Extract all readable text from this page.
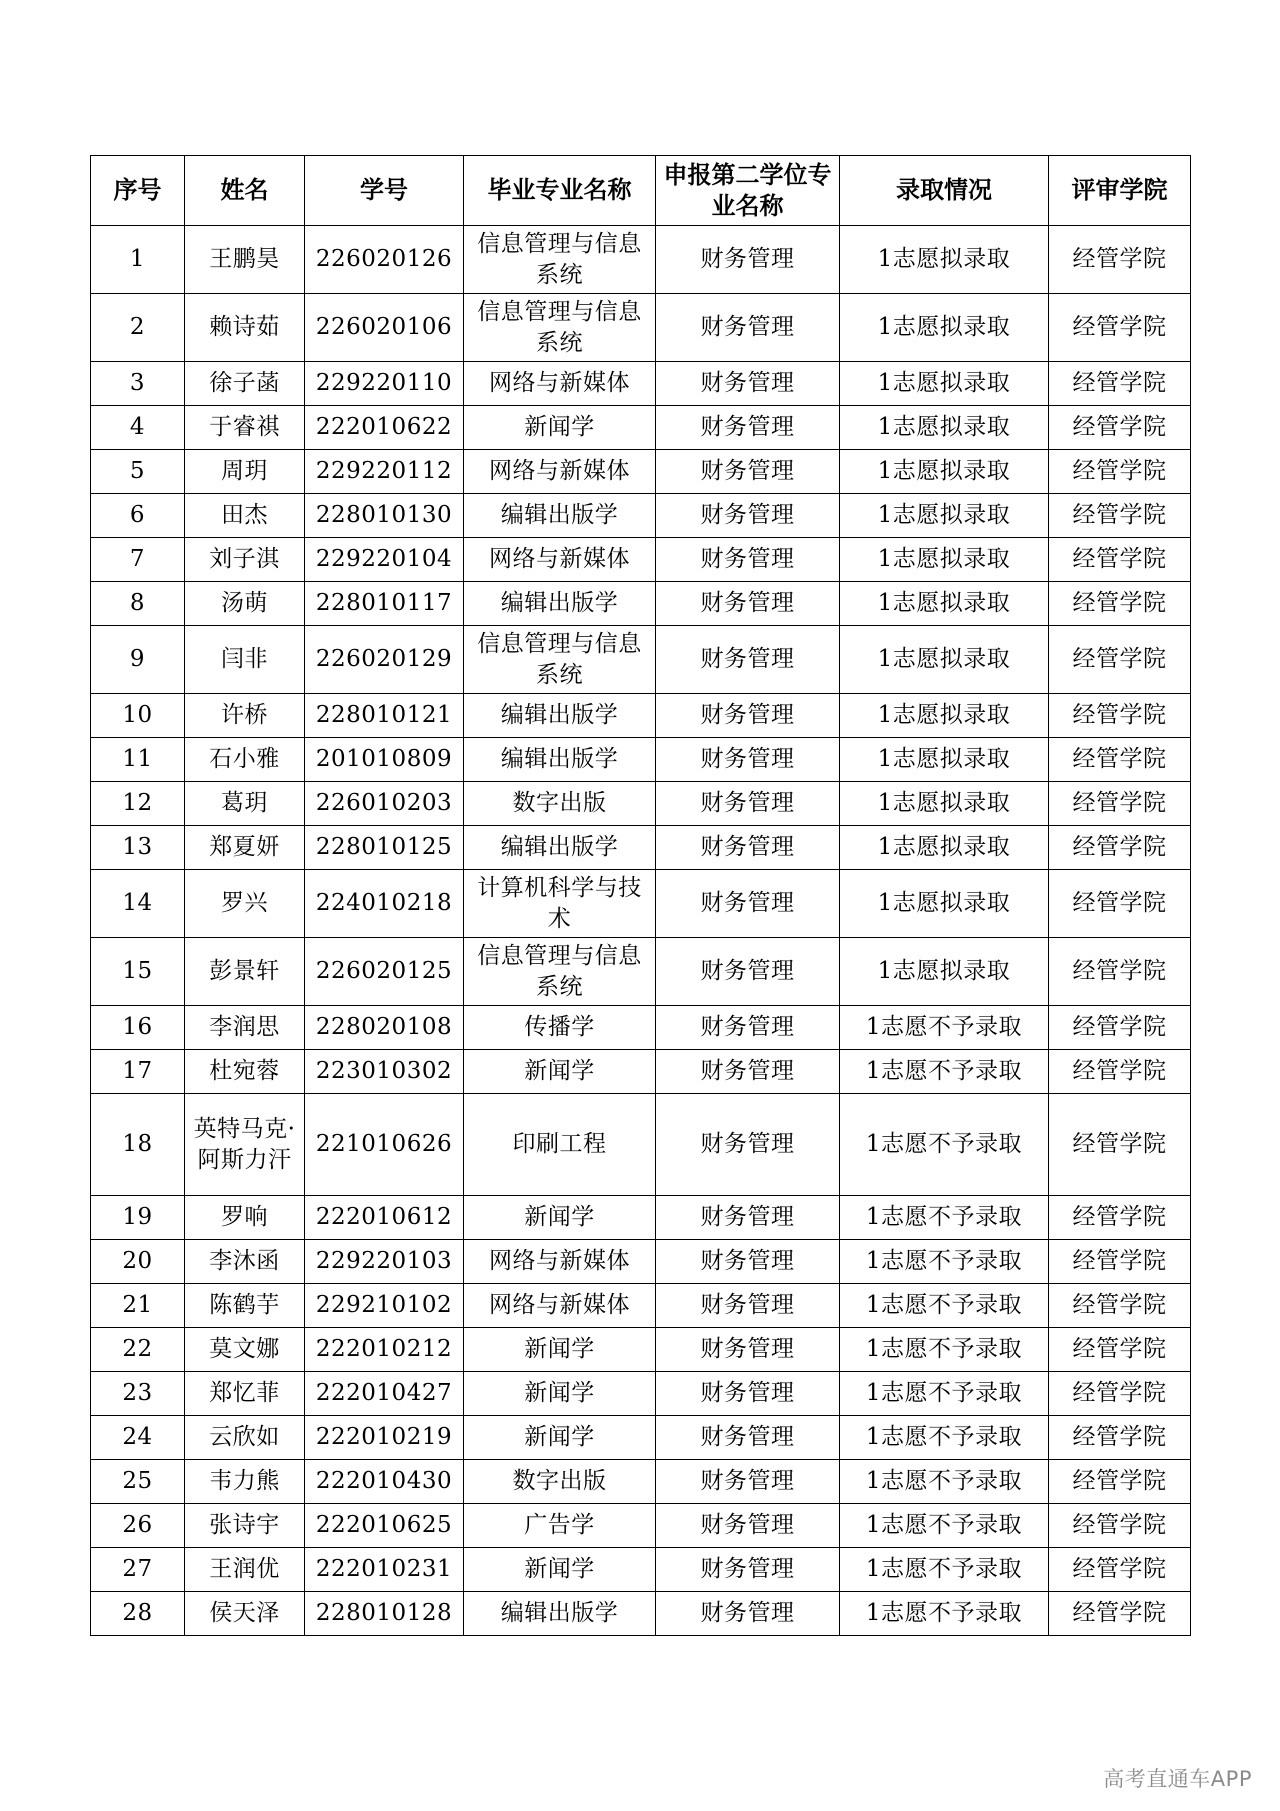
序号	姓名	学号	毕业专业名称	申报第二学位专业名称	录取情况	评审学院
1	王鹏昊	226020126	信息管理与信息系统	财务管理	1志愿拟录取	经管学院
2	赖诗茹	226020106	信息管理与信息系统	财务管理	1志愿拟录取	经管学院
3	徐子菡	229220110	网络与新媒体	财务管理	1志愿拟录取	经管学院
4	于睿祺	222010622	新闻学	财务管理	1志愿拟录取	经管学院
5	周玥	229220112	网络与新媒体	财务管理	1志愿拟录取	经管学院
6	田杰	228010130	编辑出版学	财务管理	1志愿拟录取	经管学院
7	刘子淇	229220104	网络与新媒体	财务管理	1志愿拟录取	经管学院
8	汤萌	228010117	编辑出版学	财务管理	1志愿拟录取	经管学院
9	闫非	226020129	信息管理与信息系统	财务管理	1志愿拟录取	经管学院
10	许桥	228010121	编辑出版学	财务管理	1志愿拟录取	经管学院
11	石小雅	201010809	编辑出版学	财务管理	1志愿拟录取	经管学院
12	葛玥	226010203	数字出版	财务管理	1志愿拟录取	经管学院
13	郑夏妍	228010125	编辑出版学	财务管理	1志愿拟录取	经管学院
14	罗兴	224010218	计算机科学与技术	财务管理	1志愿拟录取	经管学院
15	彭景轩	226020125	信息管理与信息系统	财务管理	1志愿拟录取	经管学院
16	李润思	228020108	传播学	财务管理	1志愿不予录取	经管学院
17	杜宛蓉	223010302	新闻学	财务管理	1志愿不予录取	经管学院
18	英特马克·阿斯力汗	221010626	印刷工程	财务管理	1志愿不予录取	经管学院
19	罗响	222010612	新闻学	财务管理	1志愿不予录取	经管学院
20	李沐函	229220103	网络与新媒体	财务管理	1志愿不予录取	经管学院
21	陈鹤芋	229210102	网络与新媒体	财务管理	1志愿不予录取	经管学院
22	莫文娜	222010212	新闻学	财务管理	1志愿不予录取	经管学院
23	郑忆菲	222010427	新闻学	财务管理	1志愿不予录取	经管学院
24	云欣如	222010219	新闻学	财务管理	1志愿不予录取	经管学院
25	韦力熊	222010430	数字出版	财务管理	1志愿不予录取	经管学院
26	张诗宇	222010625	广告学	财务管理	1志愿不予录取	经管学院
27	王润优	222010231	新闻学	财务管理	1志愿不予录取	经管学院
28	侯天泽	228010128	编辑出版学	财务管理	1志愿不予录取	经管学院
高考直通车APP
